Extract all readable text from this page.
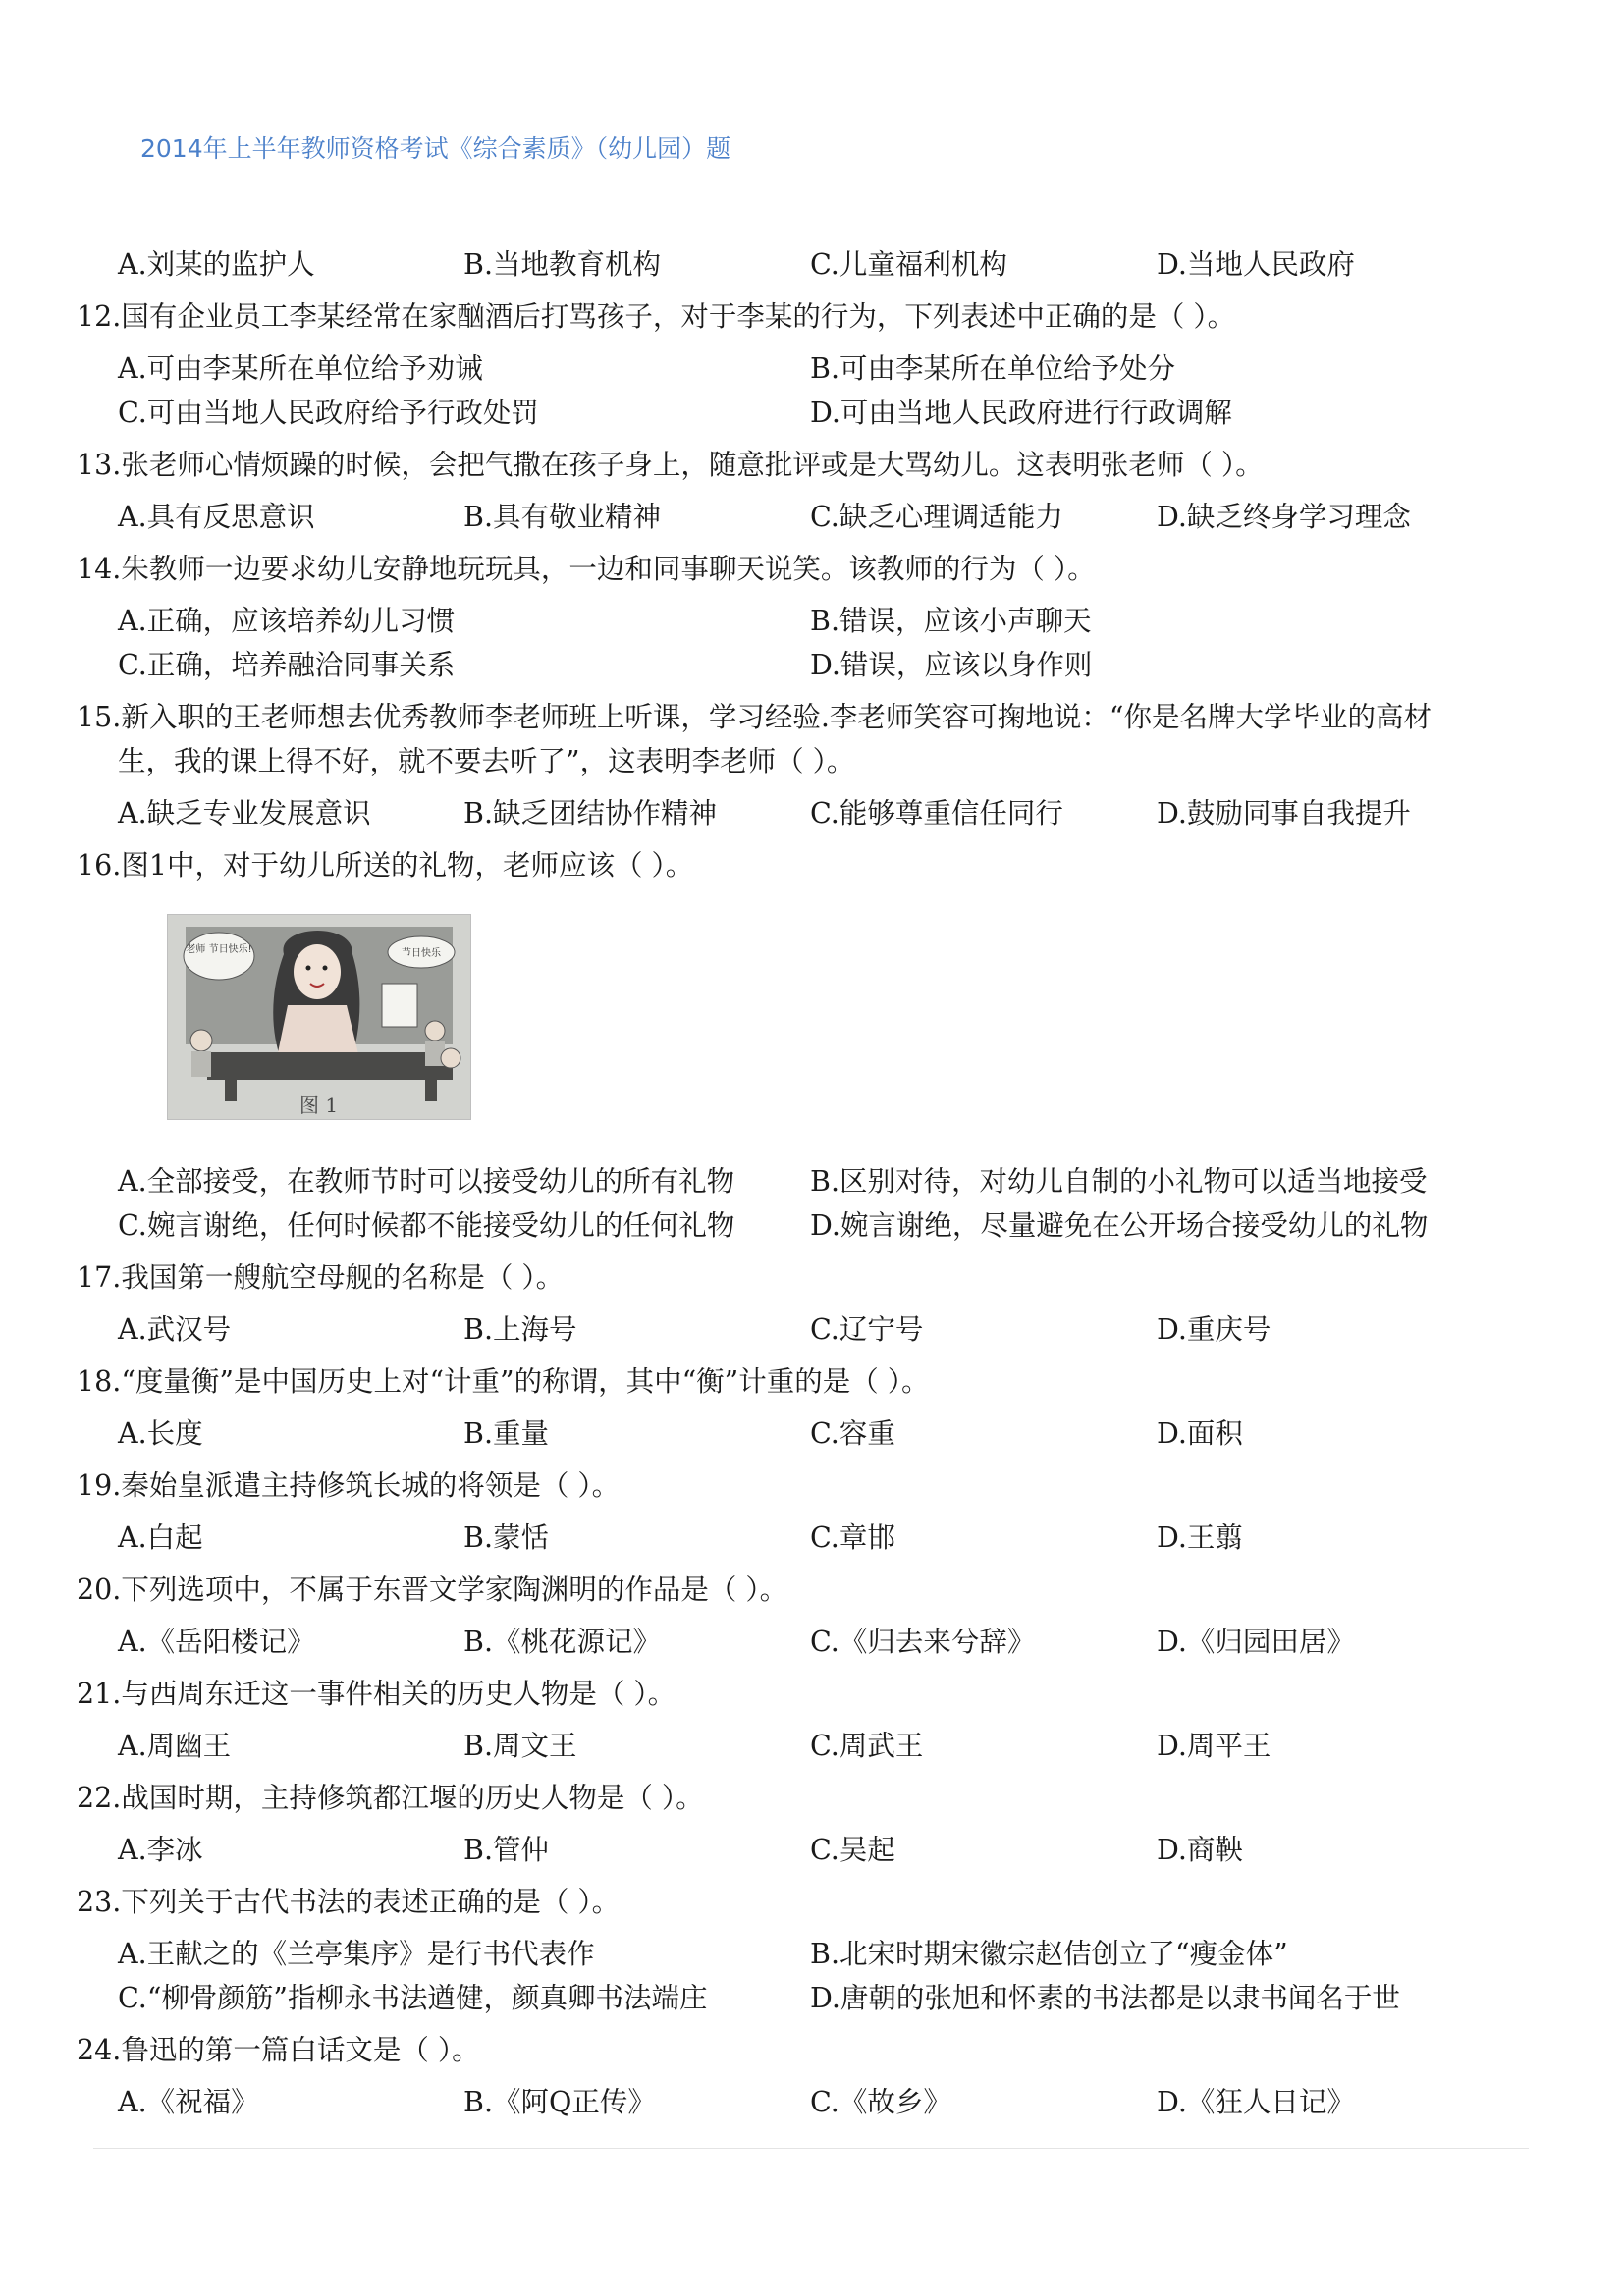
2014年上半年教师资格考试《综合素质》（幼儿园）题
A.刘某的监护人	B.当地教育机构	C.儿童福利机构	D.当地人民政府
12.国有企业员工李某经常在家酗酒后打骂孩子，对于李某的行为，下列表述中正确的是（ ）。
A.可由李某所在单位给予劝诫	B.可由李某所在单位给予处分
C.可由当地人民政府给予行政处罚	D.可由当地人民政府进行行政调解
13.张老师心情烦躁的时候，会把气撒在孩子身上，随意批评或是大骂幼儿。这表明张老师（ ）。
A.具有反思意识	B.具有敬业精神	C.缺乏心理调适能力	D.缺乏终身学习理念
14.朱教师一边要求幼儿安静地玩玩具，一边和同事聊天说笑。该教师的行为（ ）。
A.正确，应该培养幼儿习惯	B.错误，应该小声聊天
C.正确，培养融洽同事关系	D.错误，应该以身作则
15.新入职的王老师想去优秀教师李老师班上听课，学习经验.李老师笑容可掬地说：“你是名牌大学毕业的高材
生，我的课上得不好，就不要去听了”，这表明李老师（ ）。
A.缺乏专业发展意识	B.缺乏团结协作精神	C.能够尊重信任同行	D.鼓励同事自我提升
16.图1中，对于幼儿所送的礼物，老师应该（ ）。
老师 节日快乐!	节日快乐
图 1
A.全部接受，在教师节时可以接受幼儿的所有礼物	B.区别对待，对幼儿自制的小礼物可以适当地接受
C.婉言谢绝，任何时候都不能接受幼儿的任何礼物	D.婉言谢绝，尽量避免在公开场合接受幼儿的礼物
17.我国第一艘航空母舰的名称是（ ）。
A.武汉号	B.上海号	C.辽宁号	D.重庆号
18.“度量衡”是中国历史上对“计重”的称谓，其中“衡”计重的是（ ）。
A.长度	B.重量	C.容重	D.面积
19.秦始皇派遣主持修筑长城的将领是（ ）。
A.白起	B.蒙恬	C.章邯	D.王翦
20.下列选项中，不属于东晋文学家陶渊明的作品是（ ）。
A.《岳阳楼记》	B.《桃花源记》	C.《归去来兮辞》	D.《归园田居》
21.与西周东迁这一事件相关的历史人物是（ ）。
A.周幽王	B.周文王	C.周武王	D.周平王
22.战国时期，主持修筑都江堰的历史人物是（ ）。
A.李冰	B.管仲	C.吴起	D.商鞅
23.下列关于古代书法的表述正确的是（ ）。
A.王献之的《兰亭集序》是行书代表作	B.北宋时期宋徽宗赵佶创立了“瘦金体”
C.“柳骨颜筋”指柳永书法遒健，颜真卿书法端庄	D.唐朝的张旭和怀素的书法都是以隶书闻名于世
24.鲁迅的第一篇白话文是（ ）。
A.《祝福》	B.《阿Q正传》	C.《故乡》	D.《狂人日记》
